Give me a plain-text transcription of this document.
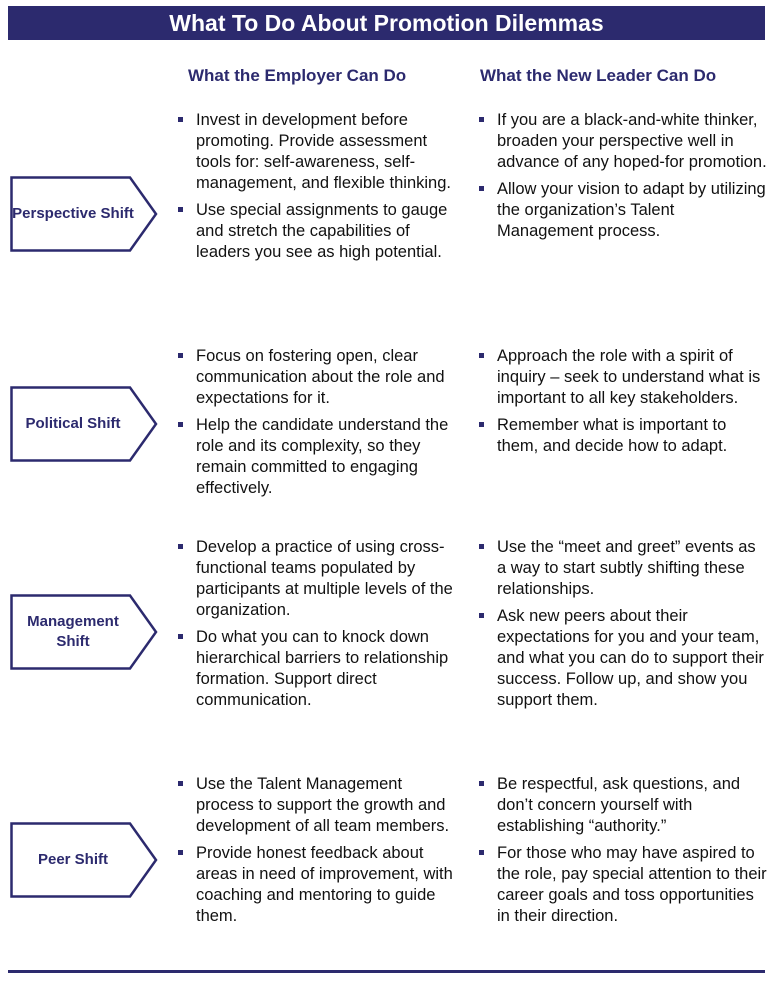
What To Do About Promotion Dilemmas
What the Employer Can Do	What the New Leader Can Do
Perspective Shift
Invest in development before promoting. Provide assessment tools for: self-awareness, self-management, and flexible thinking.
Use special assignments to gauge and stretch the capabilities of leaders you see as high potential.
If you are a black-and-white thinker, broaden your perspective well in advance of any hoped-for promotion.
Allow your vision to adapt by utilizing the organization’s Talent Management process.
Political Shift
Focus on fostering open, clear communication about the role and expectations for it.
Help the candidate understand the role and its complexity, so they remain committed to engaging effectively.
Approach the role with a spirit of inquiry – seek to understand what is important to all key stakeholders.
Remember what is important to them, and decide how to adapt.
Management Shift
Develop a practice of using cross-functional teams populated by participants at multiple levels of the organization.
Do what you can to knock down hierarchical barriers to relationship formation. Support direct communication.
Use the “meet and greet” events as a way to start subtly shifting these relationships.
Ask new peers about their expectations for you and your team, and what you can do to support their success. Follow up, and show you support them.
Peer Shift
Use the Talent Management process to support the growth and development of all team members.
Provide honest feedback about areas in need of improvement, with coaching and mentoring to guide them.
Be respectful, ask questions, and don’t concern yourself with establishing “authority.”
For those who may have aspired to the role, pay special attention to their career goals and toss opportunities in their direction.
